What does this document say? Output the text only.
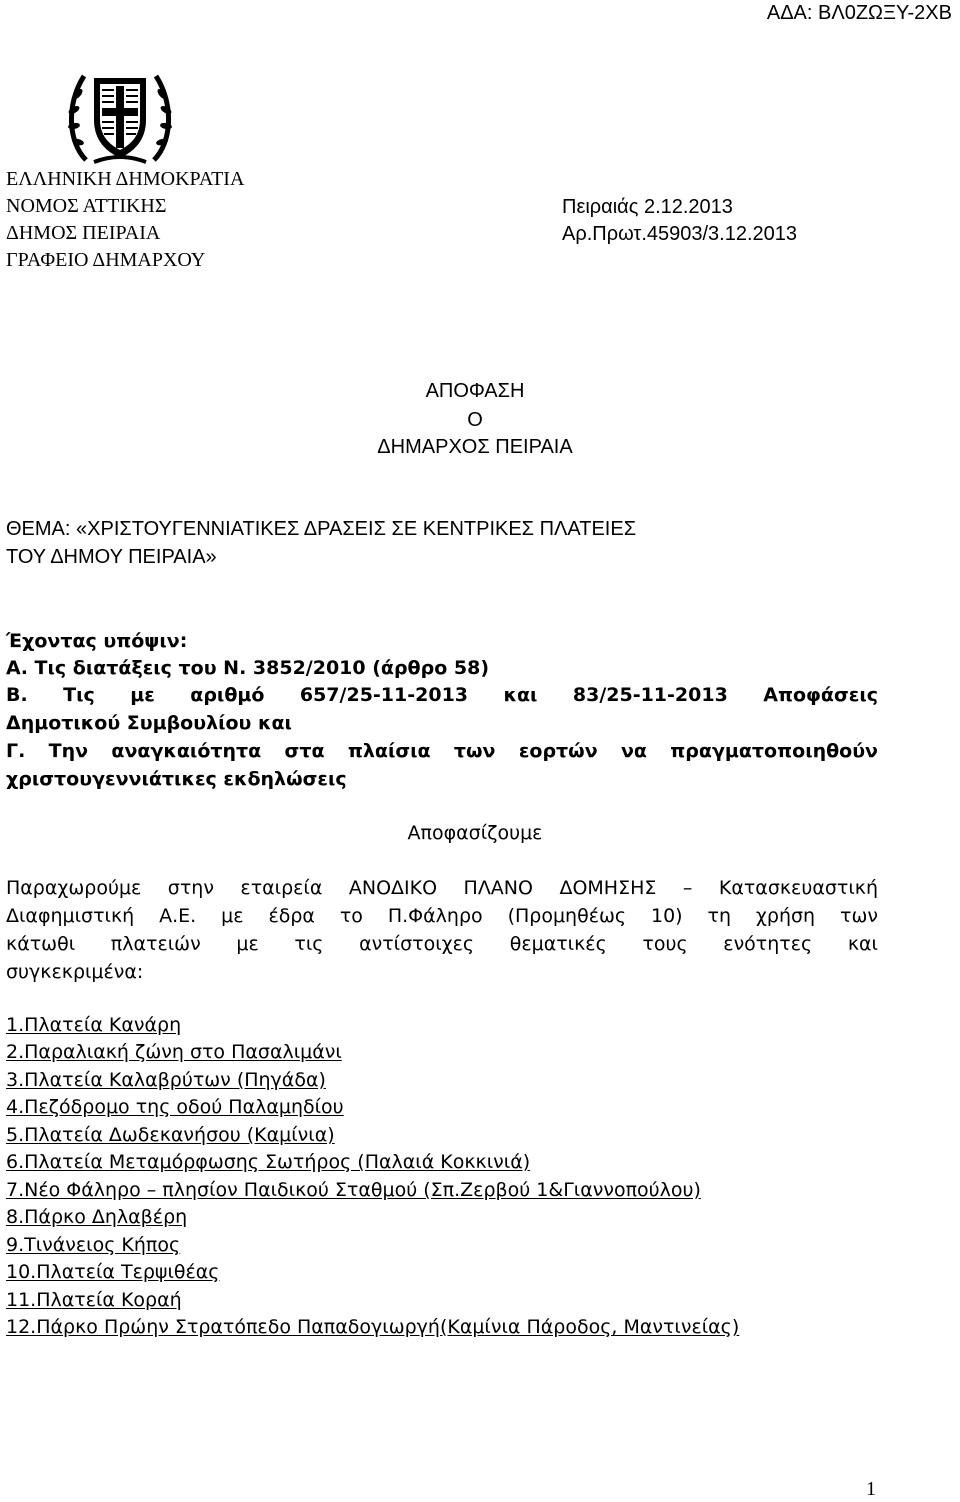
ΑΔΑ: ΒΛ0ΖΩΞΥ-2ΧΒ
ΕΛΛΗΝΙΚΗ ΔΗΜΟΚΡΑΤΙΑ
ΝΟΜΟΣ ΑΤΤΙΚΗΣ
ΔΗΜΟΣ ΠΕΙΡΑΙΑ
ΓΡΑΦΕΙΟ ΔΗΜΑΡΧΟΥ
Πειραιάς 2.12.2013
Αρ.Πρωτ.45903/3.12.2013
ΑΠΟΦΑΣΗ
Ο
ΔΗΜΑΡΧΟΣ ΠΕΙΡΑΙΑ
ΘΕΜΑ: «ΧΡΙΣΤΟΥΓΕΝΝΙΑΤΙΚΕΣ ΔΡΑΣΕΙΣ ΣΕ ΚΕΝΤΡΙΚΕΣ ΠΛΑΤΕΙΕΣ
ΤΟΥ ΔΗΜΟΥ ΠΕΙΡΑΙΑ»
Έχοντας υπόψιν:
Α. Τις διατάξεις του Ν. 3852/2010 (άρθρο 58)
Β. Τις με αριθμό 657/25-11-2013 και 83/25-11-2013 Αποφάσεις
Δημοτικού Συμβουλίου και
Γ. Την αναγκαιότητα στα πλαίσια των εορτών να πραγματοποιηθούν
χριστουγεννιάτικες εκδηλώσεις
Αποφασίζουμε
Παραχωρούμε στην εταιρεία ΑΝΟΔΙΚΟ ΠΛΑΝΟ ΔΟΜΗΣΗΣ – Κατασκευαστική
Διαφημιστική Α.Ε. με έδρα το Π.Φάληρο (Προμηθέως 10) τη χρήση των
κάτωθι πλατειών με τις αντίστοιχες θεματικές τους ενότητες και
συγκεκριμένα:
1.Πλατεία Κανάρη
2.Παραλιακή ζώνη στο Πασαλιμάνι
3.Πλατεία Καλαβρύτων (Πηγάδα)
4.Πεζόδρομο της οδού Παλαμηδίου
5.Πλατεία Δωδεκανήσου (Καμίνια)
6.Πλατεία Μεταμόρφωσης Σωτήρος (Παλαιά Κοκκινιά)
7.Νέο Φάληρο – πλησίον Παιδικού Σταθμού (Σπ.Ζερβού 1&Γιαννοπούλου)
8.Πάρκο Δηλαβέρη
9.Τινάνειος Κήπος
10.Πλατεία Τερψιθέας
11.Πλατεία Κοραή
12.Πάρκο Πρώην Στρατόπεδο Παπαδογιωργή(Καμίνια Πάροδος, Μαντινείας)
1
